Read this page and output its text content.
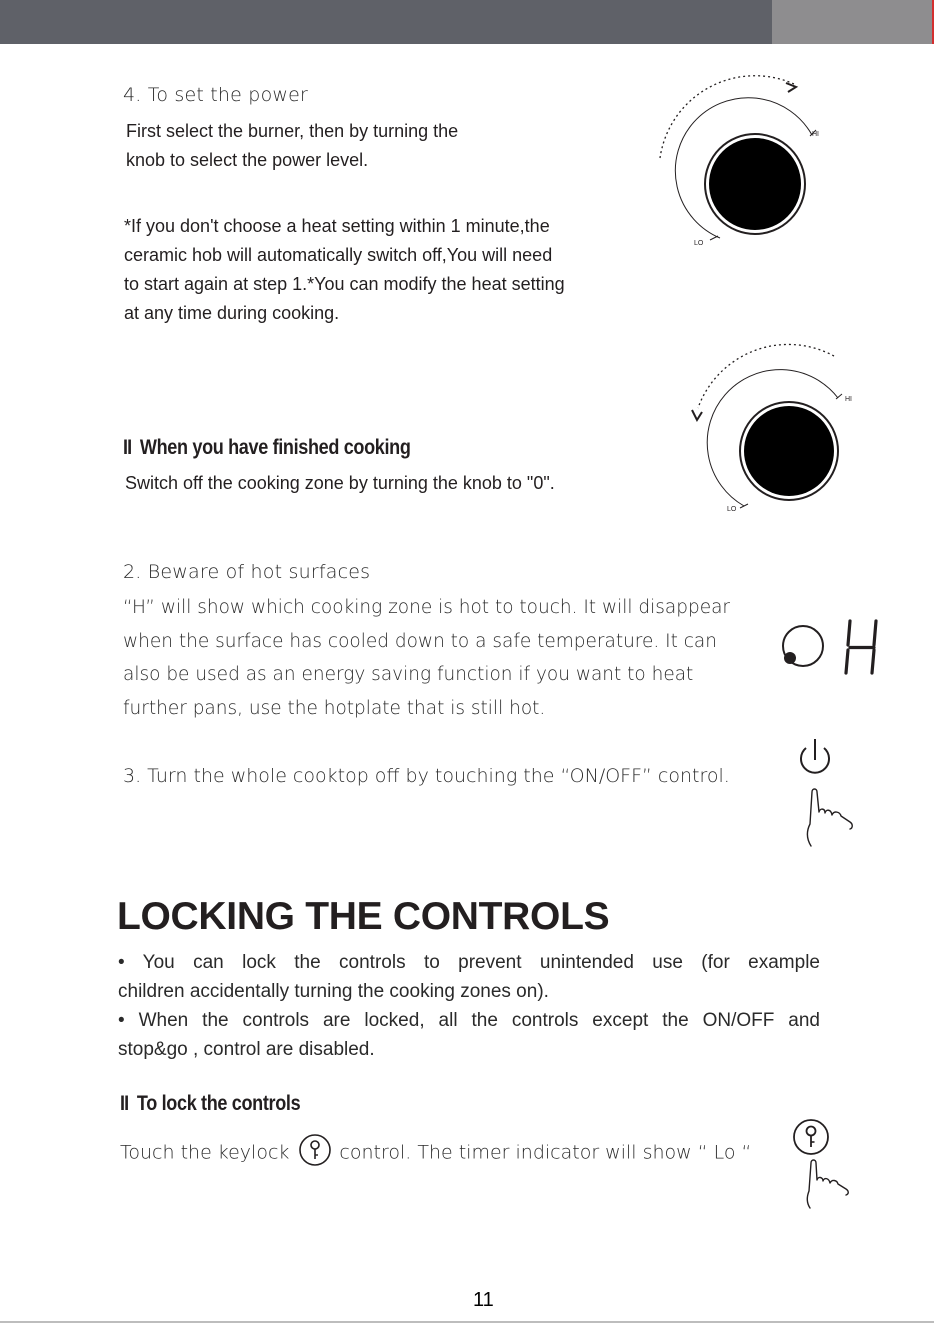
4. To set the power
First select the burner, then by turning the
knob to select the power level.
*If you don't choose a heat setting within 1 minute,the
ceramic hob will automatically switch off,You will need
to start again at step 1.*You can modify the heat setting
at any time during cooking.
HI
LO
HI
LO
II When you have finished cooking
Switch off the cooking zone by turning the knob to "0".
2. Beware of hot surfaces
“H” will show which cooking zone is hot to touch. It will disappear
when the surface has cooled down to a safe temperature. It can
also be used as an energy saving function if you want to heat
further pans, use the hotplate that is still hot.
3. Turn the whole cooktop off by touching the “ON/OFF” control.
LOCKING THE CONTROLS
• You can lock the controls to prevent unintended use (for example
children accidentally turning the cooking zones on).
• When the controls are locked, all the controls except the ON/OFF and
stop&go , control are disabled.
II To lock the controls
Touch the keylock	control. The timer indicator will show “ Lo “
11
